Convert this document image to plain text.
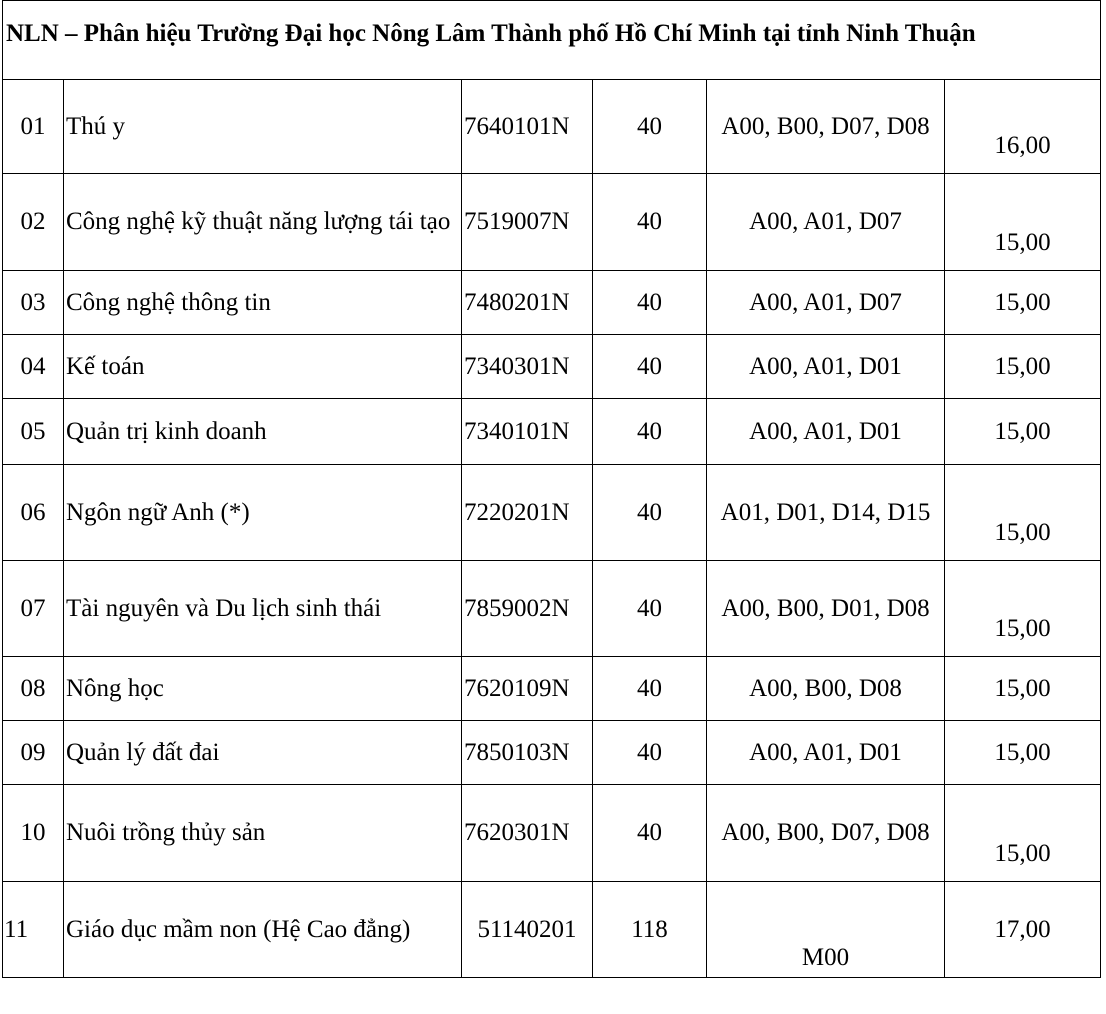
NLN – Phân hiệu Trường Đại học Nông Lâm Thành phố Hồ Chí Minh tại tỉnh Ninh Thuận					
01	Thú y	7640101N	40	A00, B00, D07, D08	16,00
02	Công nghệ kỹ thuật năng lượng tái tạo	7519007N	40	A00, A01, D07	15,00
03	Công nghệ thông tin	7480201N	40	A00, A01, D07	15,00
04	Kế toán	7340301N	40	A00, A01, D01	15,00
05	Quản trị kinh doanh	7340101N	40	A00, A01, D01	15,00
06	Ngôn ngữ Anh (*)	7220201N	40	A01, D01, D14, D15	15,00
07	Tài nguyên và Du lịch sinh thái	7859002N	40	A00, B00, D01, D08	15,00
08	Nông học	7620109N	40	A00, B00, D08	15,00
09	Quản lý đất đai	7850103N	40	A00, A01, D01	15,00
10	Nuôi trồng thủy sản	7620301N	40	A00, B00, D07, D08	15,00
11	Giáo dục mầm non (Hệ Cao đẳng)	51140201	118	M00	17,00
